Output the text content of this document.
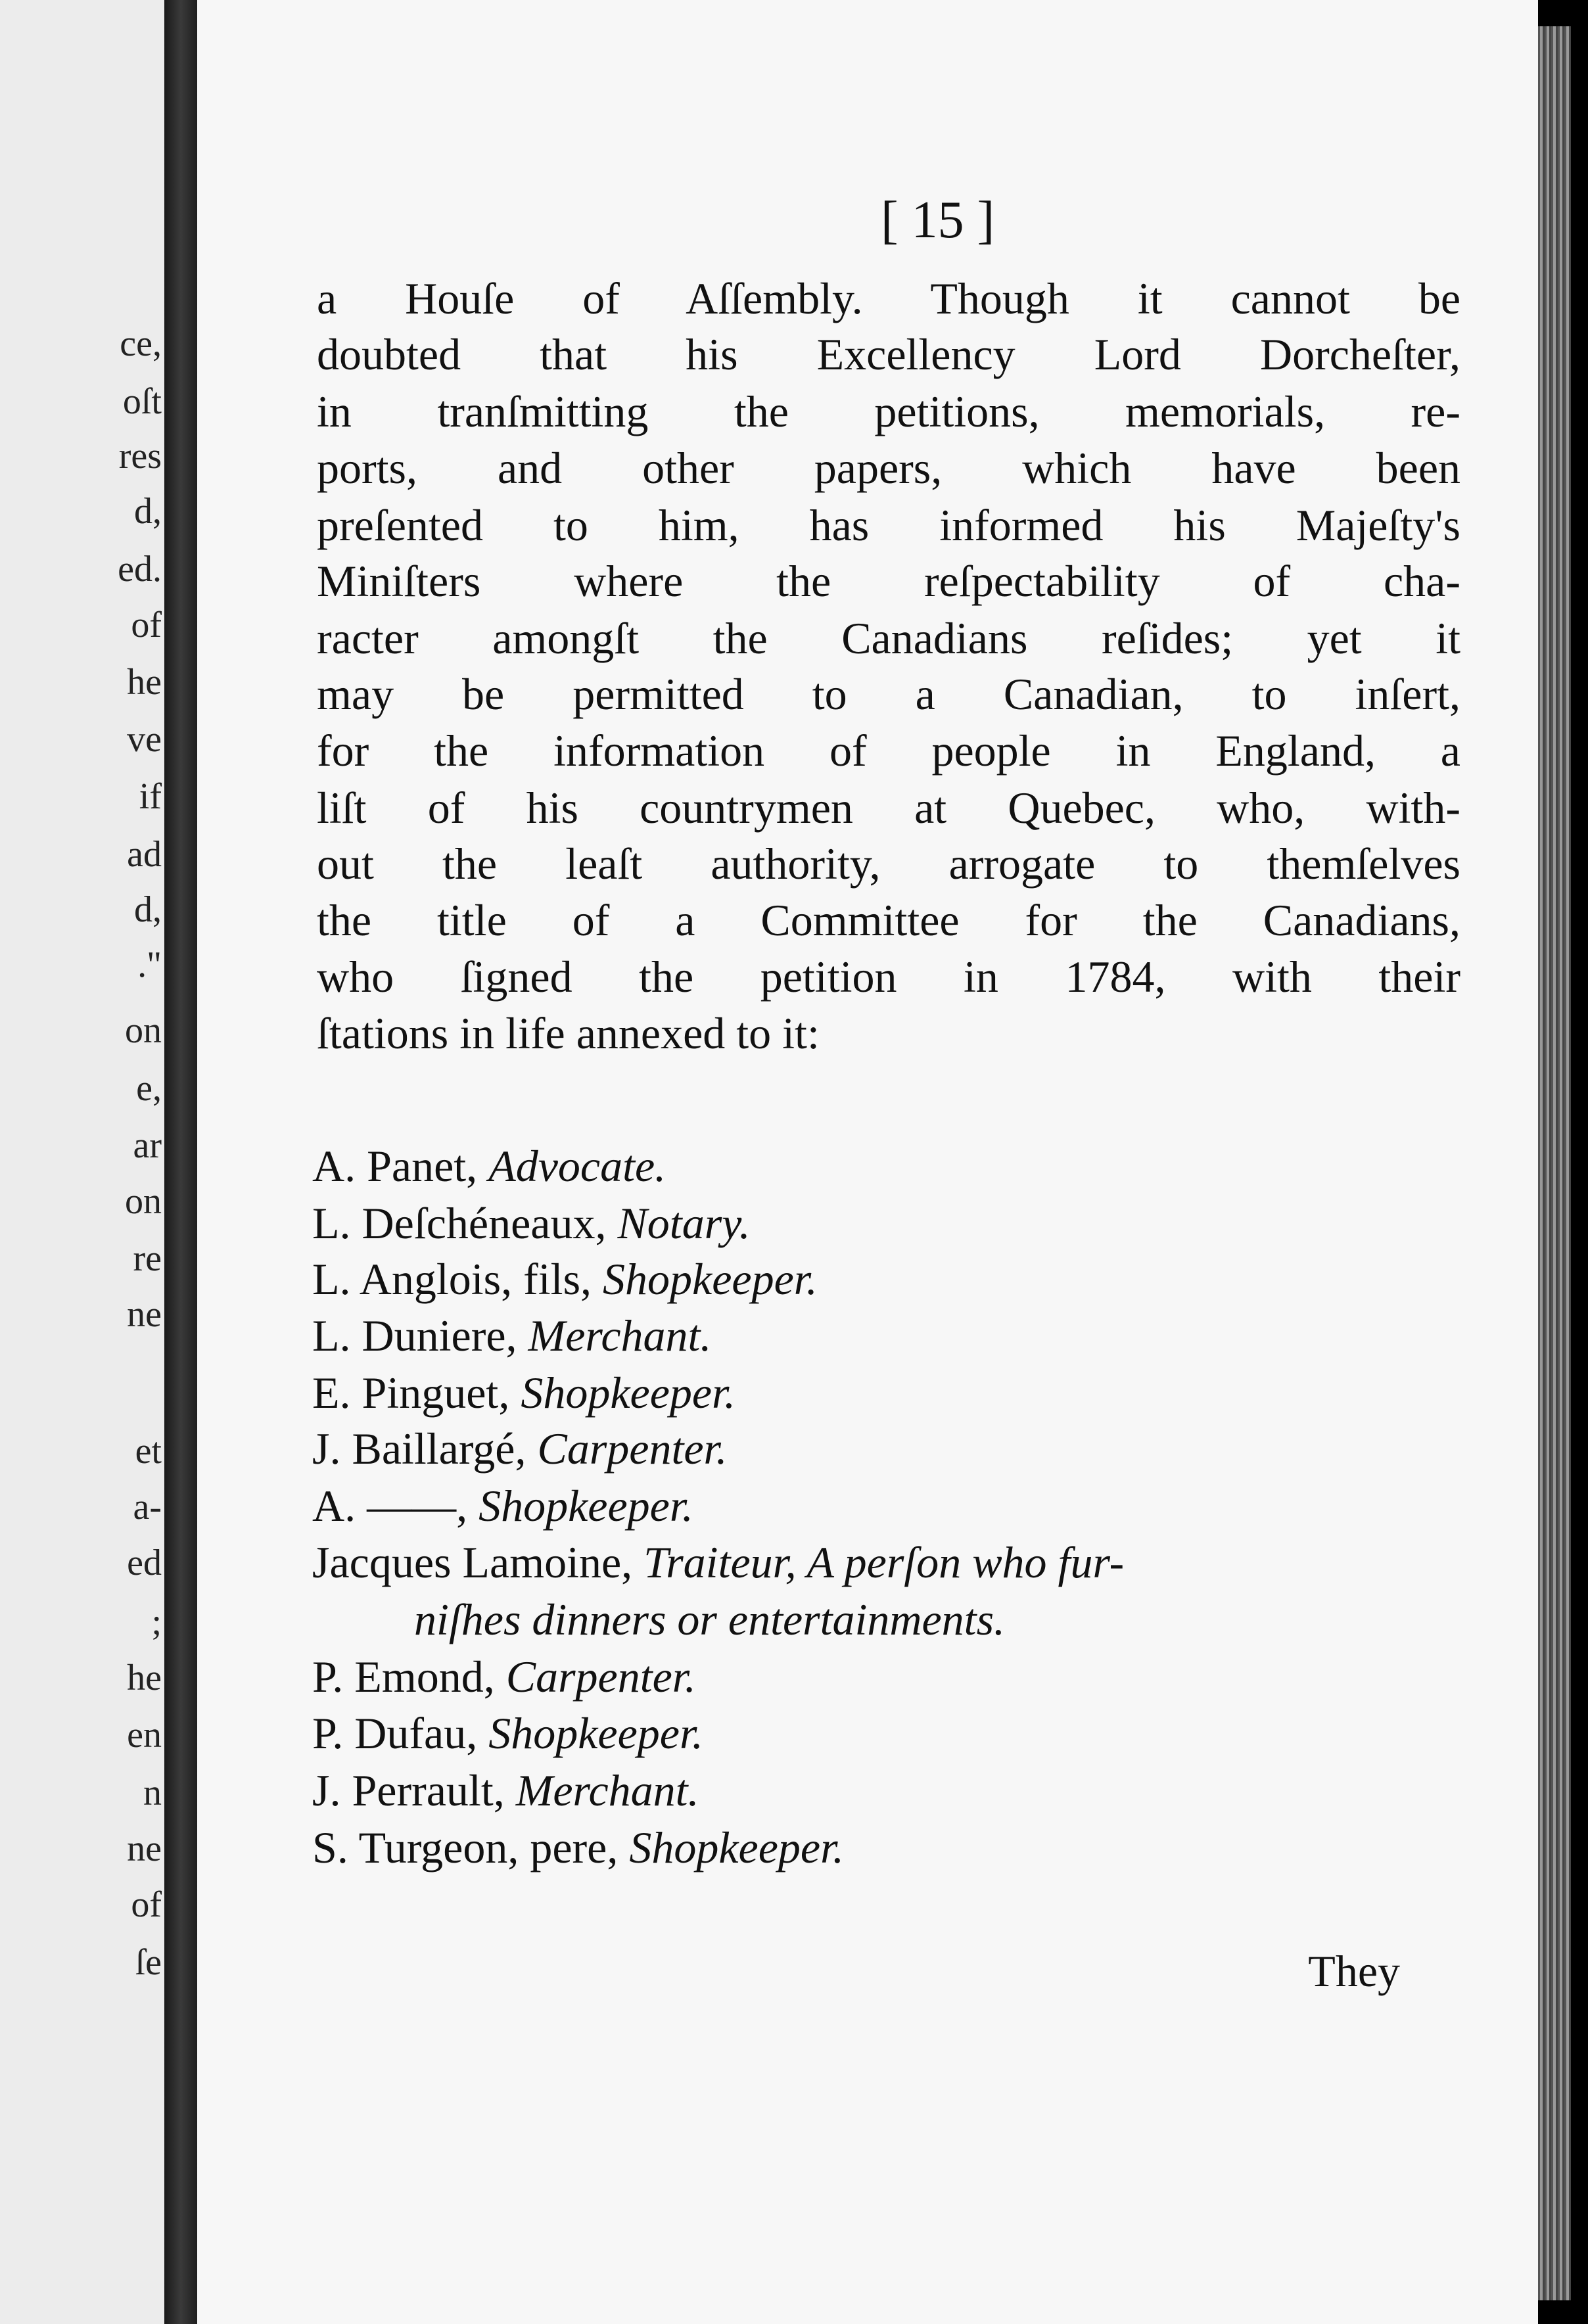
ce,
oſt
res
d,
ed.
of
he
ve
if
ad
d,
."
on
e,
ar
on
re
ne
et
a-
ed
;
he
en
n
ne
of
ſe
[ 15 ]
a Houſe of Aſſembly. Though it cannot be
doubted that his Excellency Lord Dorcheſter,
in tranſmitting the petitions, memorials, re-
ports, and other papers, which have been
preſented to him, has informed his Majeſty's
Miniſters where the reſpectability of cha-
racter amongſt the Canadians reſides; yet it
may be permitted to a Canadian, to inſert,
for the information of people in England, a
liſt of his countrymen at Quebec, who, with-
out the leaſt authority, arrogate to themſelves
the title of a Committee for the Canadians,
who ſigned the petition in 1784, with their
ſtations in life annexed to it:
A. Panet, Advocate.
L. Deſchéneaux, Notary.
L. Anglois, fils, Shopkeeper.
L. Duniere, Merchant.
E. Pinguet, Shopkeeper.
J. Baillargé, Carpenter.
A. ——, Shopkeeper.
Jacques Lamoine, Traiteur, A perſon who fur-
niſhes dinners or entertainments.
P. Emond, Carpenter.
P. Dufau, Shopkeeper.
J. Perrault, Merchant.
S. Turgeon, pere, Shopkeeper.
They
